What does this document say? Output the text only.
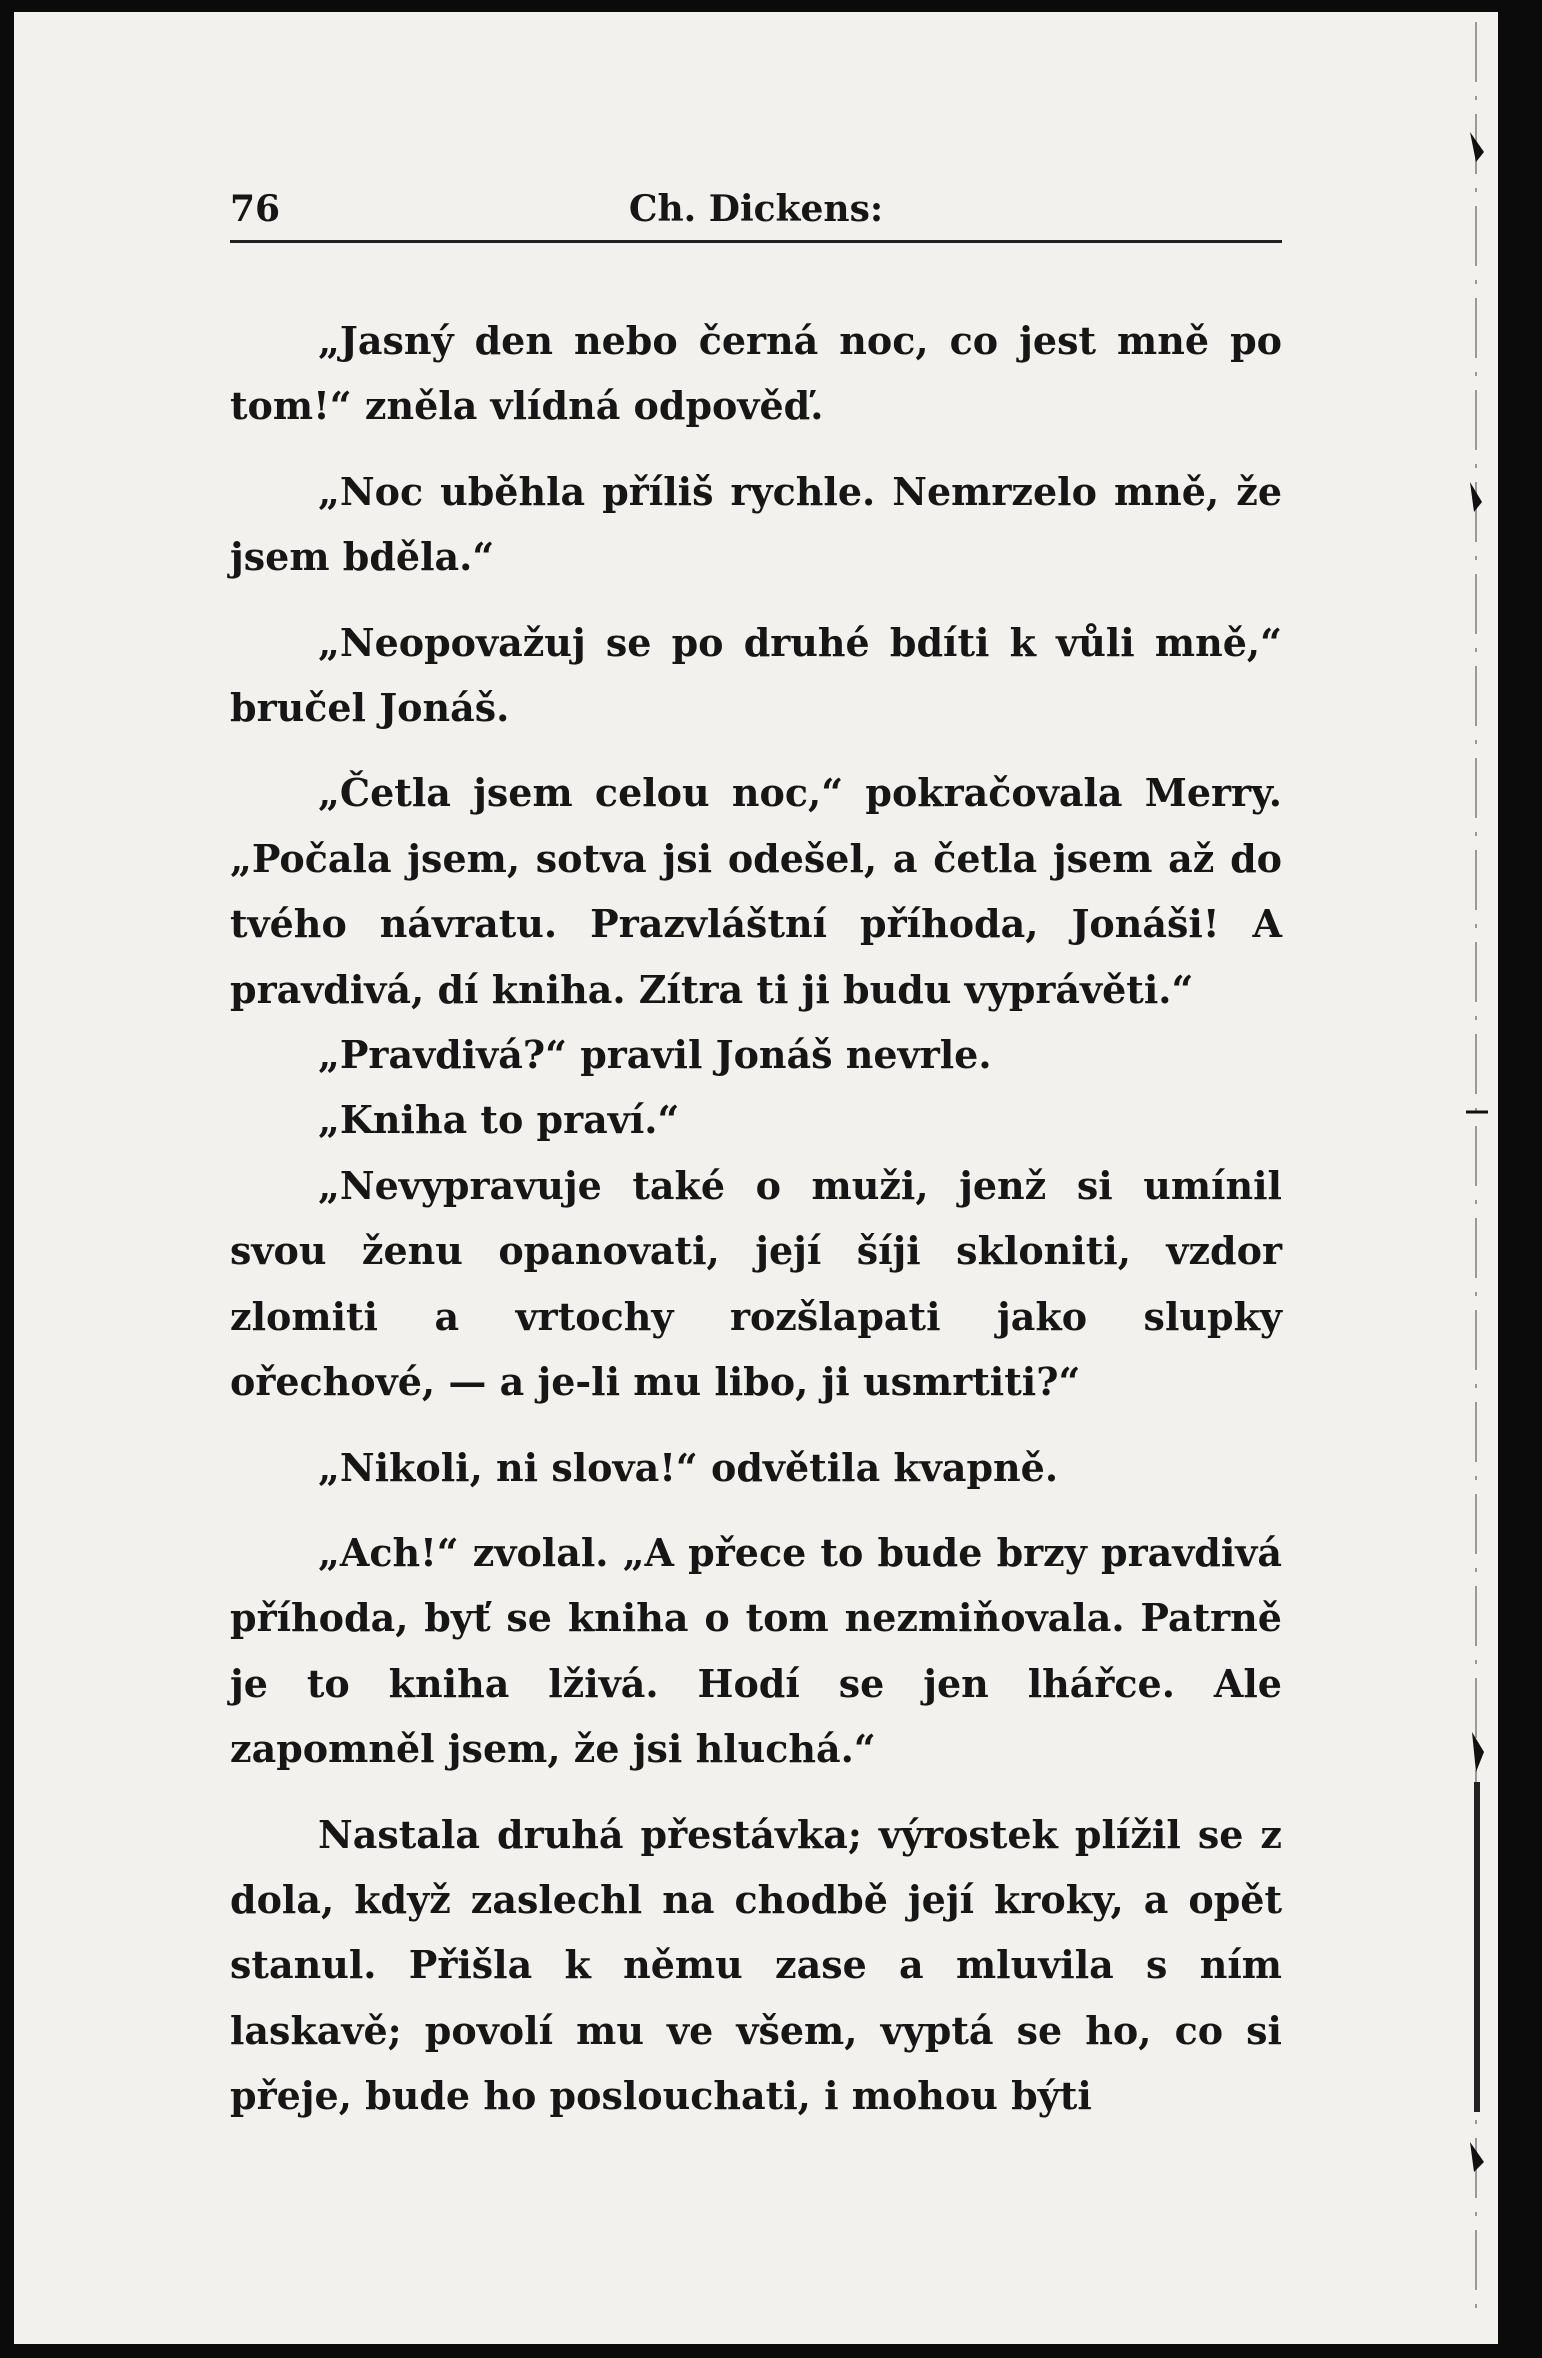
76	Ch. Dickens:

„Jasný den nebo černá noc, co jest mně po tom!“ zněla vlídná odpověď.

„Noc uběhla příliš rychle. Nemrzelo mně, že jsem bděla.“

„Neopovažuj se po druhé bdíti k vůli mně,“ bručel Jonáš.

„Četla jsem celou noc,“ pokračovala Merry. „Počala jsem, sotva jsi odešel, a četla jsem až do tvého návratu. Prazvláštní příhoda, Jonáši! A pravdivá, dí kniha. Zítra ti ji budu vyprávěti.“

„Pravdivá?“ pravil Jonáš nevrle.

„Kniha to praví.“

„Nevypravuje také o muži, jenž si umínil svou ženu opanovati, její šíji skloniti, vzdor zlomiti a vrtochy rozšlapati jako slupky ořechové, — a je-li mu libo, ji usmrtiti?“

„Nikoli, ni slova!“ odvětila kvapně.

„Ach!“ zvolal. „A přece to bude brzy pravdivá příhoda, byť se kniha o tom nezmiňovala. Patrně je to kniha lživá. Hodí se jen lhářce. Ale zapomněl jsem, že jsi hluchá.“

Nastala druhá přestávka; výrostek plížil se z dola, když zaslechl na chodbě její kroky, a opět stanul. Přišla k němu zase a mluvila s ním laskavě; povolí mu ve všem, vyptá se ho, co si přeje, bude ho poslouchati, i mohou býti
